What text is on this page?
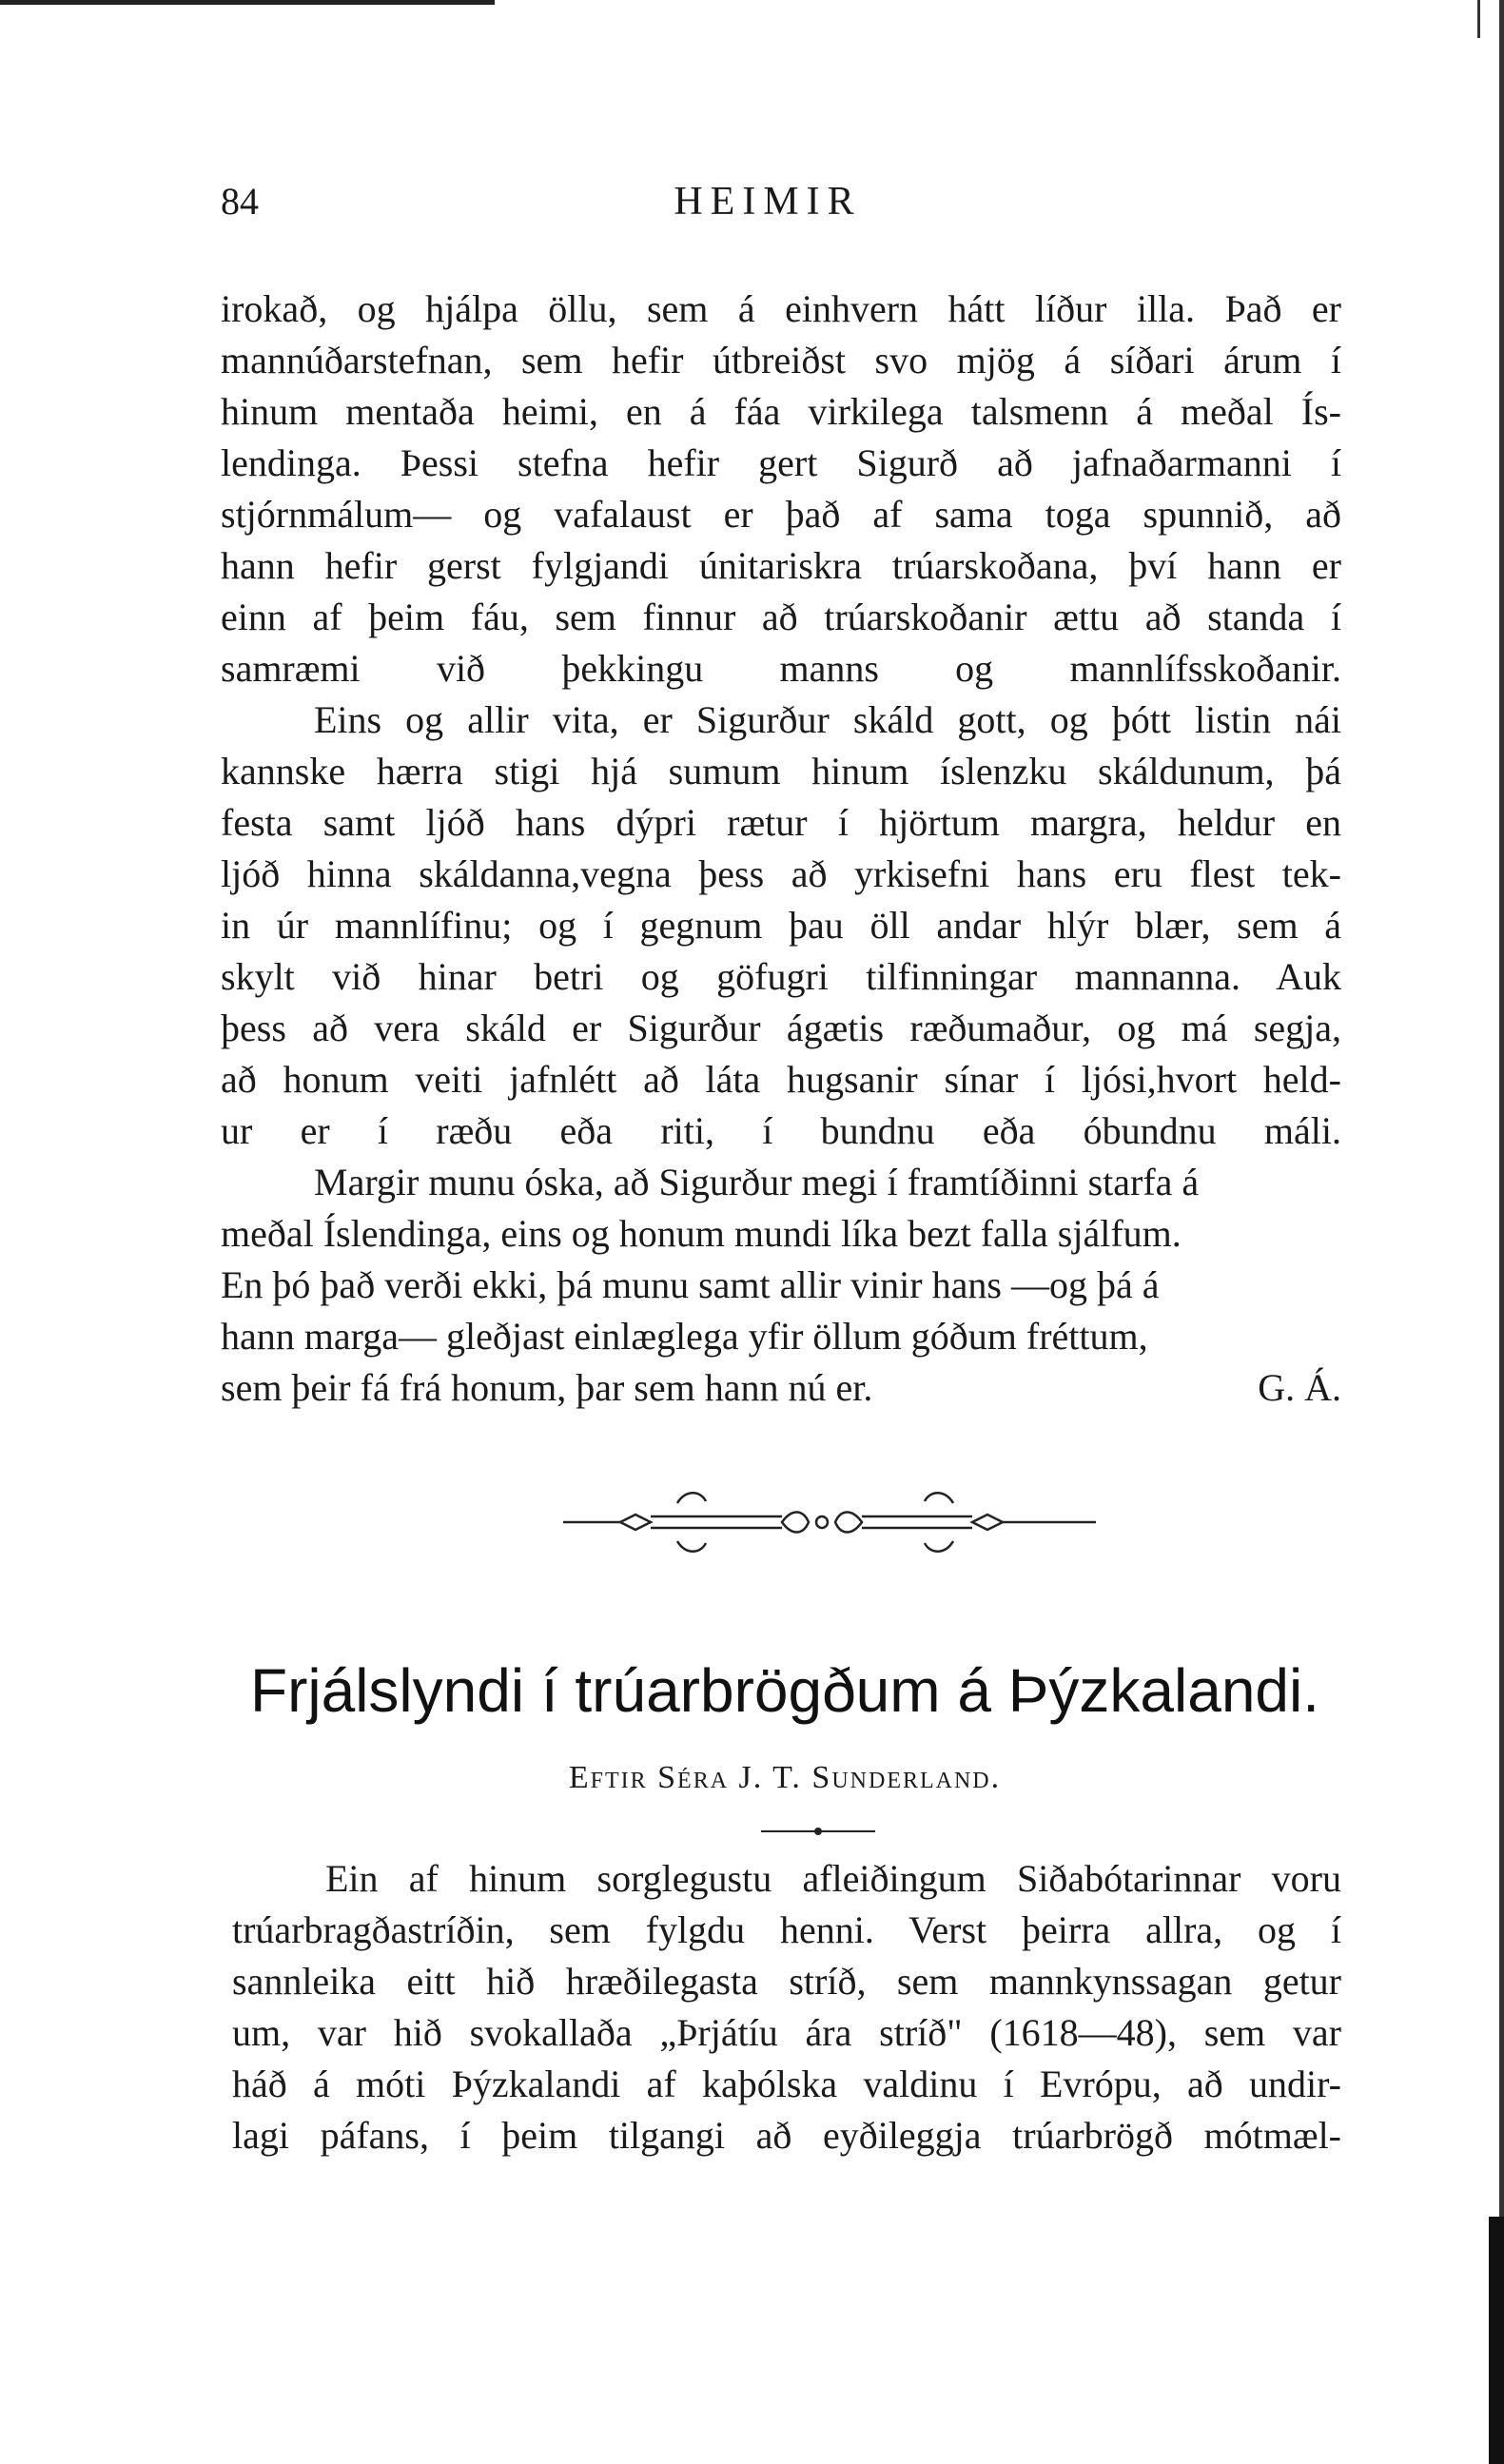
84	HEIMIR

irokað, og hjálpa öllu, sem á einhvern hátt líður illa. Það er
mannúðarstefnan, sem hefir útbreiðst svo mjög á síðari árum í
hinum mentaða heimi, en á fáa virkilega talsmenn á meðal Ís-
lendinga. Þessi stefna hefir gert Sigurð að jafnaðarmanni í
stjórnmálum— og vafalaust er það af sama toga spunnið, að
hann hefir gerst fylgjandi únitariskra trúarskoðana, því hann er
einn af þeim fáu, sem finnur að trúarskoðanir ættu að standa í
samræmi við þekkingu manns og mannlífsskoðanir.

Eins og allir vita, er Sigurður skáld gott, og þótt listin nái
kannske hærra stigi hjá sumum hinum íslenzku skáldunum, þá
festa samt ljóð hans dýpri rætur í hjörtum margra, heldur en
ljóð hinna skáldanna,vegna þess að yrkisefni hans eru flest tek-
in úr mannlífinu; og í gegnum þau öll andar hlýr blær, sem á
skylt við hinar betri og göfugri tilfinningar mannanna. Auk
þess að vera skáld er Sigurður ágætis ræðumaður, og má segja,
að honum veiti jafnlétt að láta hugsanir sínar í ljósi,hvort held-
ur er í ræðu eða riti, í bundnu eða óbundnu máli.

Margir munu óska, að Sigurður megi í framtíðinni starfa á
meðal Íslendinga, eins og honum mundi líka bezt falla sjálfum.
En þó það verði ekki, þá munu samt allir vinir hans —og þá á
hann marga— gleðjast einlæglega yfir öllum góðum fréttum,
sem þeir fá frá honum, þar sem hann nú er.	G. Á.

Frjálslyndi í trúarbrögðum á Þýzkalandi.
Eftir Séra J. T. Sunderland.

Ein af hinum sorglegustu afleiðingum Siðabótarinnar voru
trúarbragðastríðin, sem fylgdu henni. Verst þeirra allra, og í
sannleika eitt hið hræðilegasta stríð, sem mannkynssagan getur
um, var hið svokallaða „Þrjátíu ára stríð" (1618—48), sem var
háð á móti Þýzkalandi af kaþólska valdinu í Evrópu, að undir-
lagi páfans, í þeim tilgangi að eyðileggja trúarbrögð mótmæl-
